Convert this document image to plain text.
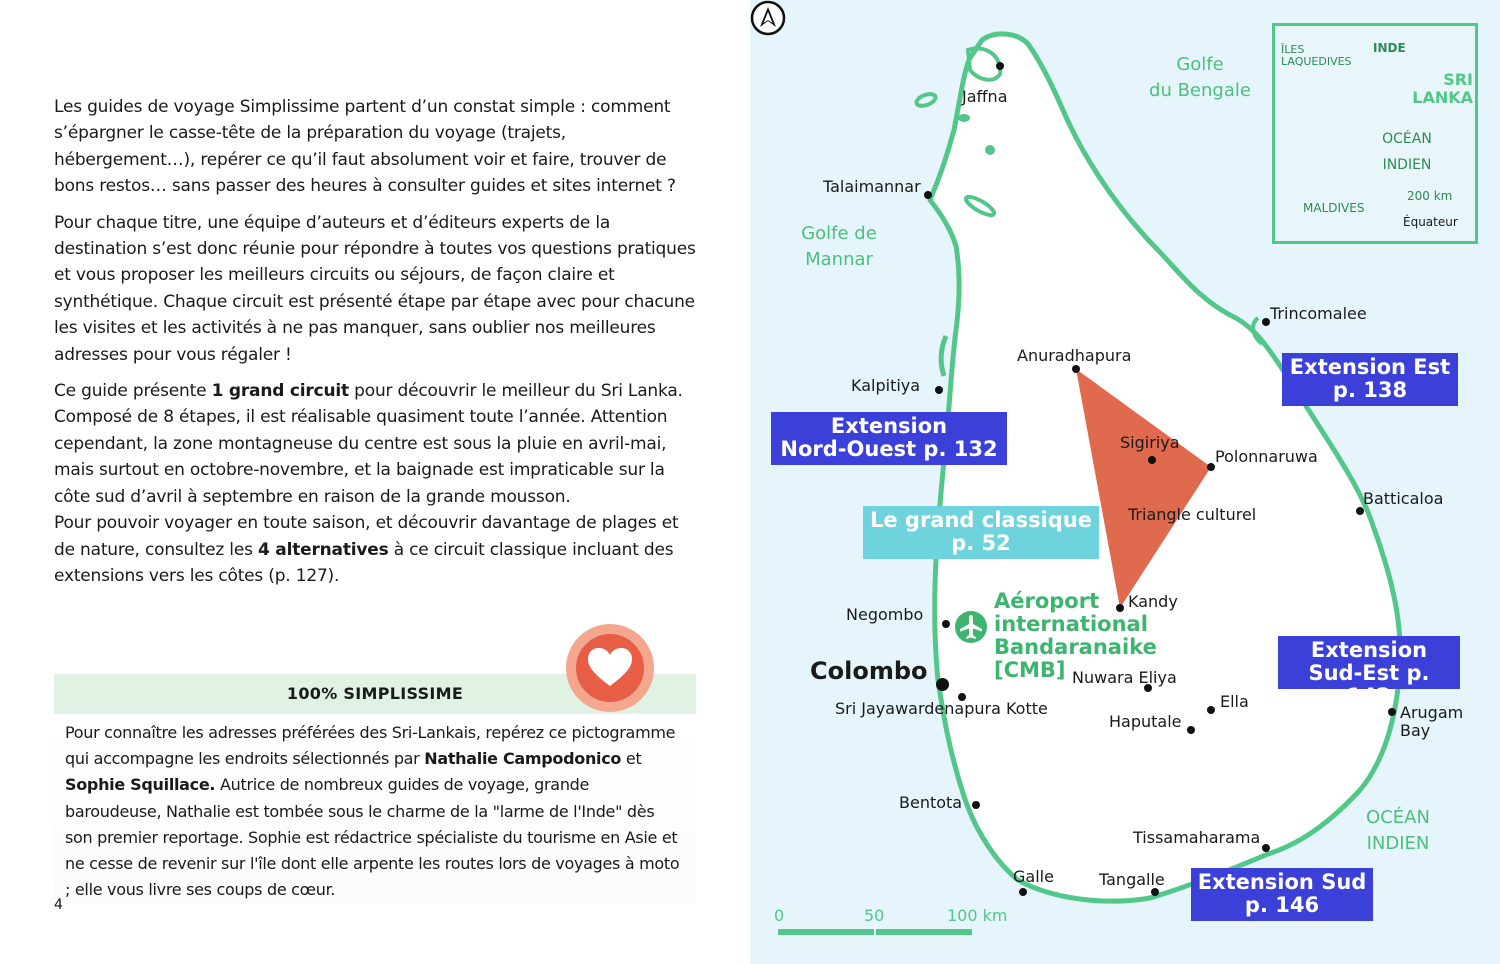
Les guides de voyage Simplissime partent d’un constat simple : comment s’épargner le casse-tête de la préparation du voyage (trajets, hébergement…), repérer ce qu’il faut absolument voir et faire, trouver de bons restos… sans passer des heures à consulter guides et sites internet ?

Pour chaque titre, une équipe d’auteurs et d’éditeurs experts de la destination s’est donc réunie pour répondre à toutes vos questions pratiques et vous proposer les meilleurs circuits ou séjours, de façon claire et synthétique. Chaque circuit est présenté étape par étape avec pour chacune les visites et les activités à ne pas manquer, sans oublier nos meilleures adresses pour vous régaler !

Ce guide présente 1 grand circuit pour découvrir le meilleur du Sri Lanka. Composé de 8 étapes, il est réalisable quasiment toute l’année. Attention cependant, la zone montagneuse du centre est sous la pluie en avril-mai, mais surtout en octobre-novembre, et la baignade est impraticable sur la côte sud d’avril à septembre en raison de la grande mousson.

Pour pouvoir voyager en toute saison, et découvrir davantage de plages et de nature, consultez les 4 alternatives à ce circuit classique incluant des extensions vers les côtes (p. 127).

100% SIMPLISSIME
Pour connaître les adresses préférées des Sri-Lankais, repérez ce pictogramme qui accompagne les endroits sélectionnés par Nathalie Campodonico et Sophie Squillace. Autrice de nombreux guides de voyage, grande baroudeuse, Nathalie est tombée sous le charme de la "larme de l'Inde" dès son premier reportage. Sophie est rédactrice spécialiste du tourisme en Asie et ne cesse de revenir sur l'île dont elle arpente les routes lors de voyages à moto ; elle vous livre ses coups de cœur.
4
ÎLES
LAQUEDIVES
INDE
SRI
LANKA
OCÉAN
INDIEN
200 km
MALDIVES
Équateur
Golfe
du Bengale
Golfe de
Mannar
OCÉAN
INDIEN
Jaffna
Talaimannar
Trincomalee
Anuradhapura
Kalpitiya
Sigiriya
Polonnaruwa
Batticaloa
Triangle culturel
Kandy
Negombo
Colombo	Nuwara Eliya
Sri Jayawardenapura Kotte	Ella
Haputale	Arugam
Bay
Bentota
Tissamaharama
Galle	Tangalle
Aéroport
international
Bandaranaike
[CMB]
Extension Est
p. 138
Extension
Nord-Ouest p. 132
Le grand classique
p. 52
Extension
Sud-Est p. 142
Extension Sud
p. 146
0	50	100 km
